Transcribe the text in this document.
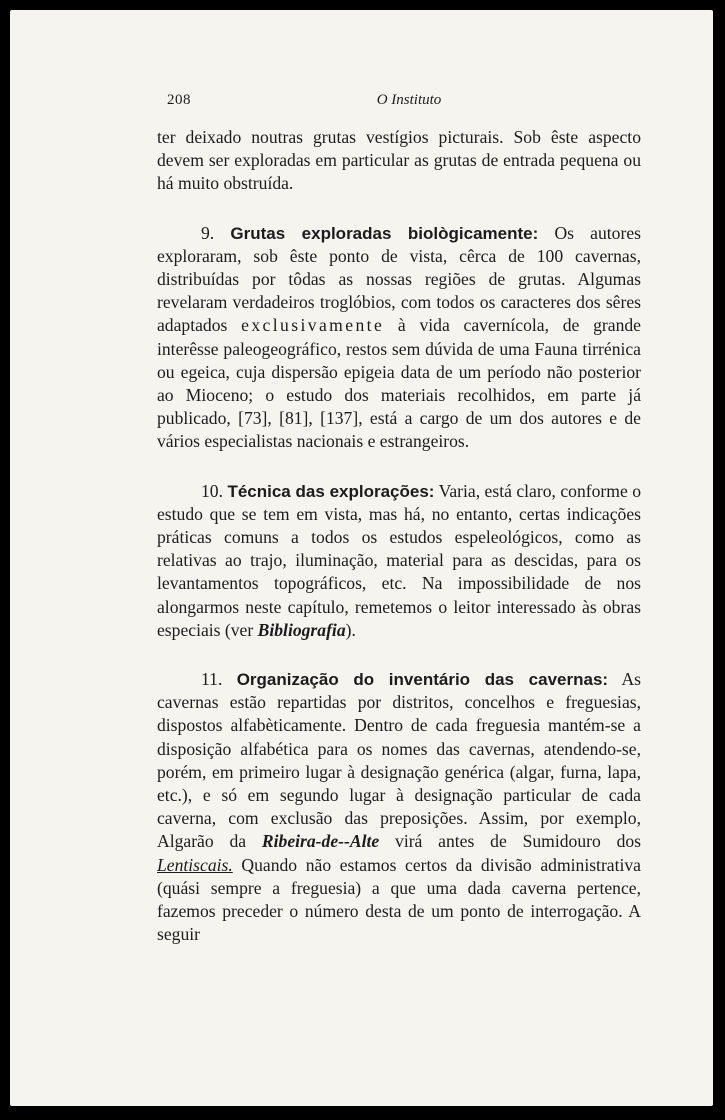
208	O Instituto

ter deixado noutras grutas vestígios picturais. Sob êste aspecto devem ser exploradas em particular as grutas de entrada pequena ou há muito obstruída.

9. Grutas exploradas biològicamente: Os autores exploraram, sob êste ponto de vista, cêrca de 100 cavernas, distribuídas por tôdas as nossas regiões de grutas. Algumas revelaram verdadeiros troglóbios, com todos os caracteres dos sêres adaptados exclusivamente à vida cavernícola, de grande interêsse paleogeográfico, restos sem dúvida de uma Fauna tirrénica ou egeica, cuja dispersão epigeia data de um período não posterior ao Mioceno; o estudo dos materiais recolhidos, em parte já publicado, [73], [81], [137], está a cargo de um dos autores e de vários especialistas nacionais e estrangeiros.

10. Técnica das explorações: Varia, está claro, conforme o estudo que se tem em vista, mas há, no entanto, certas indicações práticas comuns a todos os estudos espeleológicos, como as relativas ao trajo, iluminação, material para as descidas, para os levantamentos topográficos, etc. Na impossibilidade de nos alongarmos neste capítulo, remetemos o leitor interessado às obras especiais (ver Bibliografia).

11. Organização do inventário das cavernas: As cavernas estão repartidas por distritos, concelhos e freguesias, dispostos alfabèticamente. Dentro de cada freguesia mantém-se a disposição alfabética para os nomes das cavernas, atendendo-se, porém, em primeiro lugar à designação genérica (algar, furna, lapa, etc.), e só em segundo lugar à designação particular de cada caverna, com exclusão das preposições. Assim, por exemplo, Algarão da Ribeira-de--Alte virá antes de Sumidouro dos Lentiscais. Quando não estamos certos da divisão administrativa (quási sempre a freguesia) a que uma dada caverna pertence, fazemos preceder o número desta de um ponto de interrogação. A seguir
